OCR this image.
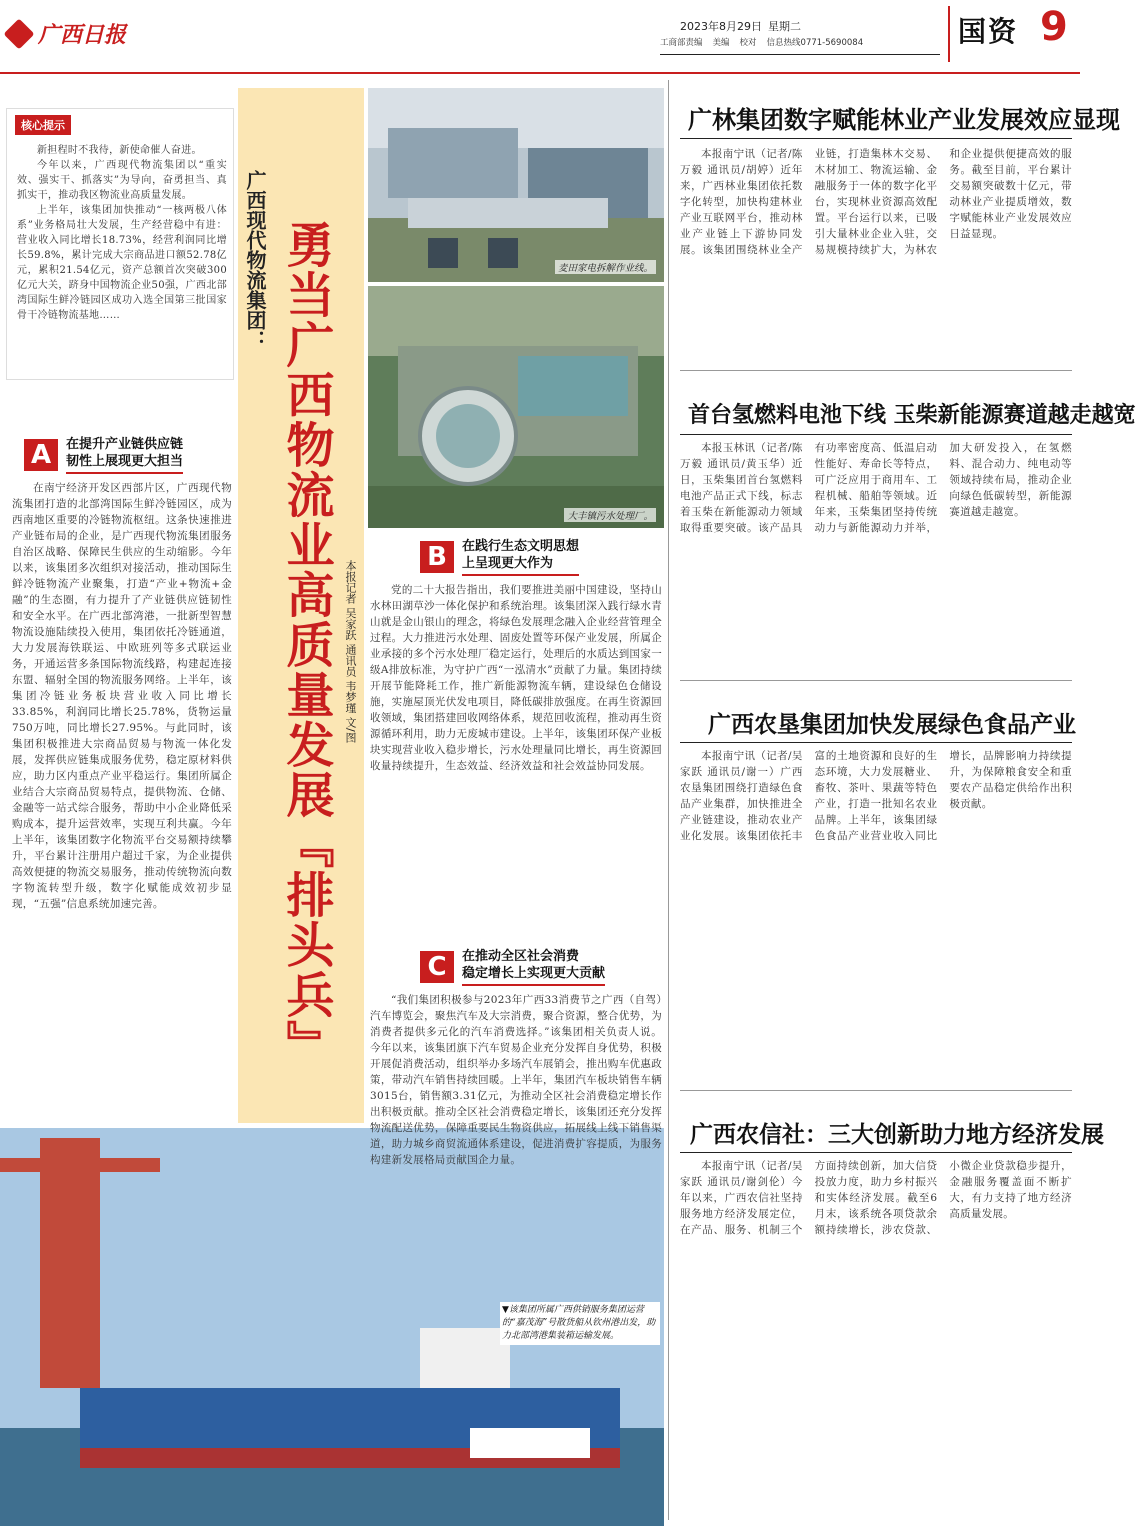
广西日报	2023年8月29日 星期二
工商部责编 美编 校对 信息热线0771-5690084	国资 9
核心提示

新担程时不我待，新使命催人奋进。

今年以来，广西现代物流集团以“重实效、强实干、抓落实”为导向，奋勇担当、真抓实干，推动我区物流业高质量发展。

上半年，该集团加快推动“一核两极八体系”业务格局壮大发展，生产经营稳中有进：营业收入同比增长18.73%，经营利润同比增长59.8%，累计完成大宗商品进口额52.78亿元，累积21.54亿元，资产总额首次突破300亿元大关，跻身中国物流企业50强，广西北部湾国际生鲜冷链园区成功入选全国第三批国家骨干冷链物流基地……	广西现代物流集团： 勇当广西物流业高质量发展『排头兵』 本报记者 吴家跃 通讯员 韦梦瑾 文/图
A	在提升产业链供应链
韧性上展现更大担当

在南宁经济开发区西部片区，广西现代物流集团打造的北部湾国际生鲜冷链园区，成为西南地区重要的冷链物流枢纽。这条快速推进产业链布局的企业，是广西现代物流集团服务自治区战略、保障民生供应的生动缩影。今年以来，该集团多次组织对接活动，推动国际生鲜冷链物流产业聚集，打造“产业+物流+金融”的生态圈，有力提升了产业链供应链韧性和安全水平。在广西北部湾港，一批新型智慧物流设施陆续投入使用，集团依托冷链通道，大力发展海铁联运、中欧班列等多式联运业务，开通运营多条国际物流线路，构建起连接东盟、辐射全国的物流服务网络。上半年，该集团冷链业务板块营业收入同比增长33.85%，利润同比增长25.78%，货物运量750万吨，同比增长27.95%。与此同时，该集团积极推进大宗商品贸易与物流一体化发展，发挥供应链集成服务优势，稳定原材料供应，助力区内重点产业平稳运行。集团所属企业结合大宗商品贸易特点，提供物流、仓储、金融等一站式综合服务，帮助中小企业降低采购成本，提升运营效率，实现互利共赢。今年上半年，该集团数字化物流平台交易额持续攀升，平台累计注册用户超过千家，为企业提供高效便捷的物流交易服务，推动传统物流向数字物流转型升级，数字化赋能成效初步显现，“五强”信息系统加速完善。

麦田家电拆解作业线。
大丰镇污水处理厂。
▼该集团所属广西供销服务集团运营的“嘉茂海”号散货船从钦州港出发，助力北部湾港集装箱运输发展。
B	在践行生态文明思想
上呈现更大作为

党的二十大报告指出，我们要推进美丽中国建设，坚持山水林田湖草沙一体化保护和系统治理。该集团深入践行绿水青山就是金山银山的理念，将绿色发展理念融入企业经营管理全过程。大力推进污水处理、固废处置等环保产业发展，所属企业承接的多个污水处理厂稳定运行，处理后的水质达到国家一级A排放标准，为守护广西“一泓清水”贡献了力量。集团持续开展节能降耗工作，推广新能源物流车辆，建设绿色仓储设施，实施屋顶光伏发电项目，降低碳排放强度。在再生资源回收领域，集团搭建回收网络体系，规范回收流程，推动再生资源循环利用，助力无废城市建设。上半年，该集团环保产业板块实现营业收入稳步增长，污水处理量同比增长，再生资源回收量持续提升，生态效益、经济效益和社会效益协同发展。

C	在推动全区社会消费
稳定增长上实现更大贡献

“我们集团积极参与2023年广西33消费节之广西（自驾）汽车博览会，聚焦汽车及大宗消费，聚合资源，整合优势，为消费者提供多元化的汽车消费选择。”该集团相关负责人说。今年以来，该集团旗下汽车贸易企业充分发挥自身优势，积极开展促消费活动，组织举办多场汽车展销会，推出购车优惠政策，带动汽车销售持续回暖。上半年，集团汽车板块销售车辆3015台，销售额3.31亿元，为推动全区社会消费稳定增长作出积极贡献。推动全区社会消费稳定增长，该集团还充分发挥物流配送优势，保障重要民生物资供应，拓展线上线下销售渠道，助力城乡商贸流通体系建设，促进消费扩容提质，为服务构建新发展格局贡献国企力量。

广林集团数字赋能林业产业发展效应显现

本报南宁讯（记者/陈万毅 通讯员/胡婷）近年来，广西林业集团依托数字化转型，加快构建林业产业互联网平台，推动林业产业链上下游协同发展。该集团围绕林业全产业链，打造集林木交易、木材加工、物流运输、金融服务于一体的数字化平台，实现林业资源高效配置。平台运行以来，已吸引大量林业企业入驻，交易规模持续扩大，为林农和企业提供便捷高效的服务。截至目前，平台累计交易额突破数十亿元，带动林业产业提质增效，数字赋能林业产业发展效应日益显现。

首台氢燃料电池下线 玉柴新能源赛道越走越宽

本报玉林讯（记者/陈万毅 通讯员/黄玉华）近日，玉柴集团首台氢燃料电池产品正式下线，标志着玉柴在新能源动力领域取得重要突破。该产品具有功率密度高、低温启动性能好、寿命长等特点，可广泛应用于商用车、工程机械、船舶等领域。近年来，玉柴集团坚持传统动力与新能源动力并举，加大研发投入，在氢燃料、混合动力、纯电动等领域持续布局，推动企业向绿色低碳转型，新能源赛道越走越宽。

广西农垦集团加快发展绿色食品产业

本报南宁讯（记者/吴家跃 通讯员/谢一）广西农垦集团围绕打造绿色食品产业集群，加快推进全产业链建设，推动农业产业化发展。该集团依托丰富的土地资源和良好的生态环境，大力发展糖业、畜牧、茶叶、果蔬等特色产业，打造一批知名农业品牌。上半年，该集团绿色食品产业营业收入同比增长，品牌影响力持续提升，为保障粮食安全和重要农产品稳定供给作出积极贡献。

广西农信社：三大创新助力地方经济发展

本报南宁讯（记者/吴家跃 通讯员/谢剑伦）今年以来，广西农信社坚持服务地方经济发展定位，在产品、服务、机制三个方面持续创新，加大信贷投放力度，助力乡村振兴和实体经济发展。截至6月末，该系统各项贷款余额持续增长，涉农贷款、小微企业贷款稳步提升，金融服务覆盖面不断扩大，有力支持了地方经济高质量发展。
